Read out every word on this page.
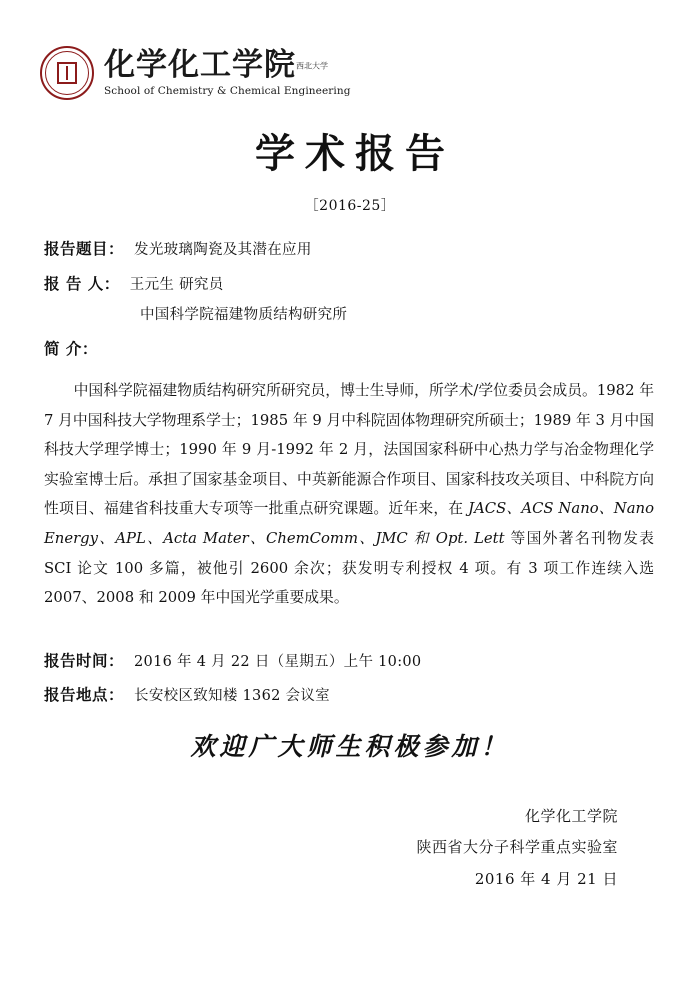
化学化工学院$^{西北大学}$
School of Chemistry & Chemical Engineering
学术报告
［2016-25］
报告题目： 发光玻璃陶瓷及其潜在应用
报 告 人： 王元生 研究员
中国科学院福建物质结构研究所
简 介：

中国科学院福建物质结构研究所研究员，博士生导师，所学术/学位委员会成员。1982 年 7 月中国科技大学物理系学士；1985 年 9 月中科院固体物理研究所硕士；1989 年 3 月中国科技大学理学博士；1990 年 9 月-1992 年 2 月，法国国家科研中心热力学与冶金物理化学实验室博士后。承担了国家基金项目、中英新能源合作项目、国家科技攻关项目、中科院方向性项目、福建省科技重大专项等一批重点研究课题。近年来，在 JACS、ACS Nano、Nano Energy、APL、Acta Mater、ChemComm、JMC 和 Opt. Lett 等国外著名刊物发表 SCI 论文 100 多篇，被他引 2600 余次；获发明专利授权 4 项。有 3 项工作连续入选 2007、2008 和 2009 年中国光学重要成果。

报告时间： 2016 年 4 月 22 日（星期五）上午 10:00
报告地点： 长安校区致知楼 1362 会议室
欢迎广大师生积极参加！
化学化工学院
陕西省大分子科学重点实验室
2016 年 4 月 21 日
